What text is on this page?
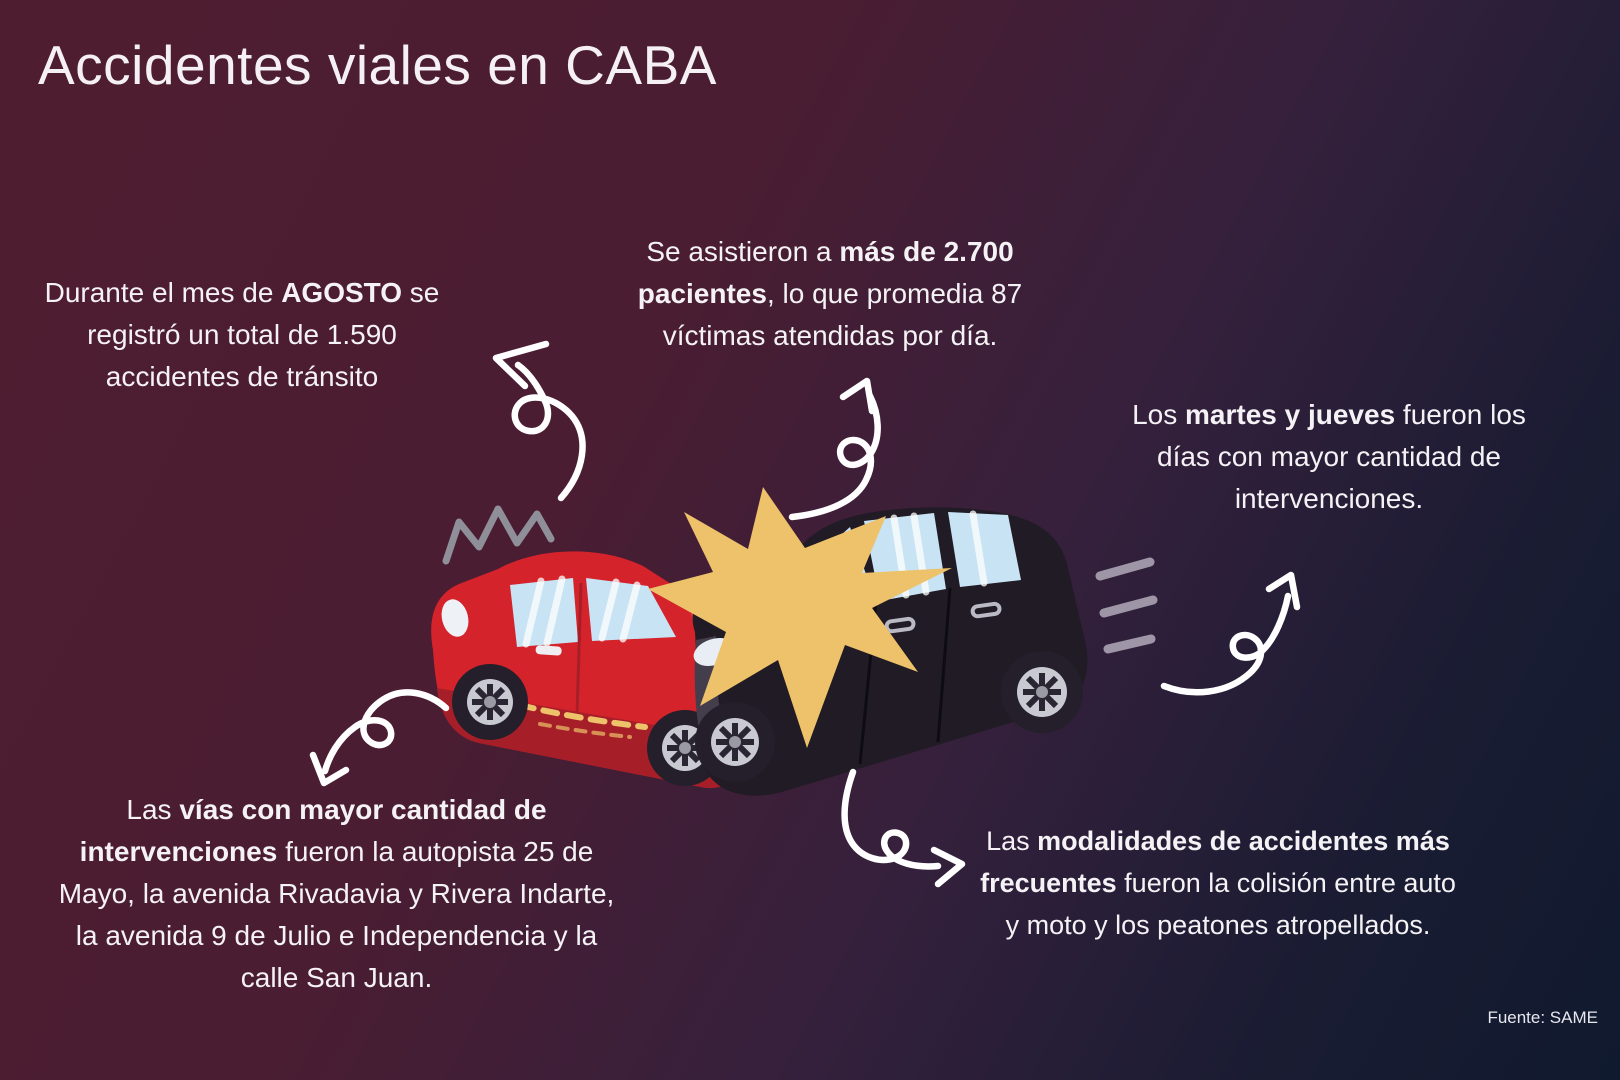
Accidentes viales en CABA
Durante el mes de AGOSTO se
registró un total de 1.590
accidentes de tránsito
Se asistieron a más de 2.700
pacientes, lo que promedia 87
víctimas atendidas por día.
Los martes y jueves fueron los
días con mayor cantidad de
intervenciones.
Las vías con mayor cantidad de
intervenciones fueron la autopista 25 de
Mayo, la avenida Rivadavia y Rivera Indarte,
la avenida 9 de Julio e Independencia y la
calle San Juan.
Las modalidades de accidentes más
frecuentes fueron la colisión entre auto
y moto y los peatones atropellados.
Fuente: SAME
